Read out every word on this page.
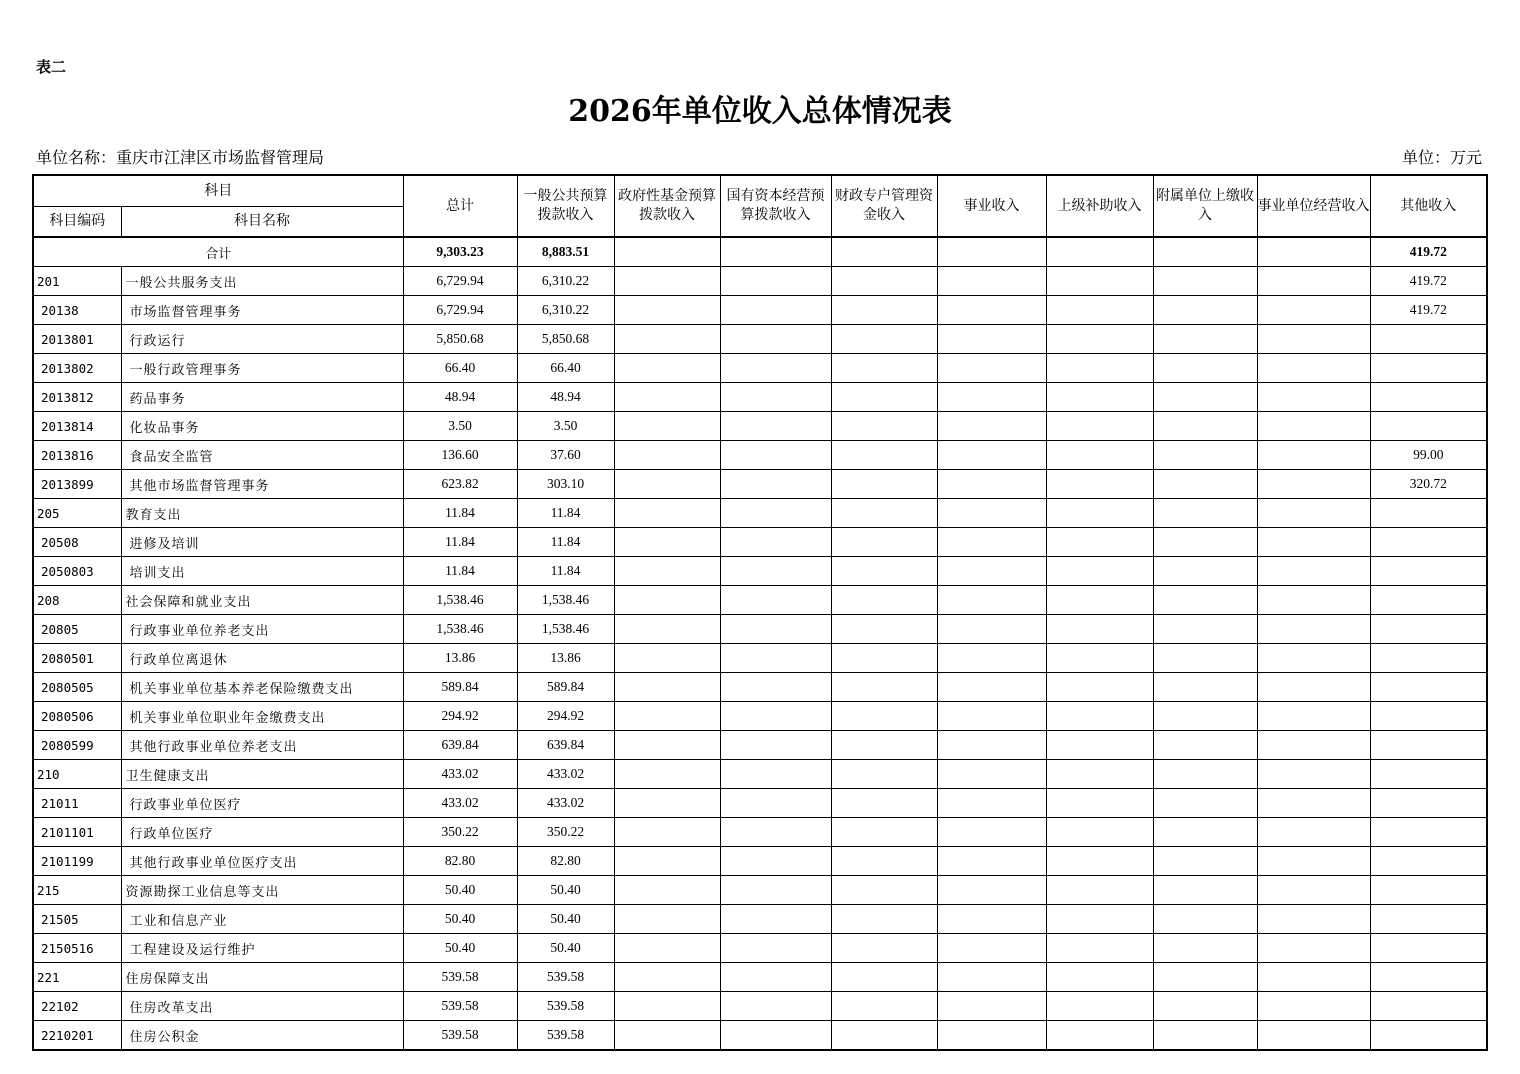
表二
2026年单位收入总体情况表
单位名称：重庆市江津区市场监督管理局	单位：万元
科目		总计	一般公共预算拨款收入	政府性基金预算拨款收入	国有资本经营预算拨款收入	财政专户管理资金收入	事业收入	上级补助收入	附属单位上缴收入	事业单位经营收入	其他收入
科目编码	科目名称										
合计		9,303.23	8,883.51								419.72
201	一般公共服务支出	6,729.94	6,310.22								419.72
20138	市场监督管理事务	6,729.94	6,310.22								419.72
2013801	行政运行	5,850.68	5,850.68								
2013802	一般行政管理事务	66.40	66.40								
2013812	药品事务	48.94	48.94								
2013814	化妆品事务	3.50	3.50								
2013816	食品安全监管	136.60	37.60								99.00
2013899	其他市场监督管理事务	623.82	303.10								320.72
205	教育支出	11.84	11.84								
20508	进修及培训	11.84	11.84								
2050803	培训支出	11.84	11.84								
208	社会保障和就业支出	1,538.46	1,538.46								
20805	行政事业单位养老支出	1,538.46	1,538.46								
2080501	行政单位离退休	13.86	13.86								
2080505	机关事业单位基本养老保险缴费支出	589.84	589.84								
2080506	机关事业单位职业年金缴费支出	294.92	294.92								
2080599	其他行政事业单位养老支出	639.84	639.84								
210	卫生健康支出	433.02	433.02								
21011	行政事业单位医疗	433.02	433.02								
2101101	行政单位医疗	350.22	350.22								
2101199	其他行政事业单位医疗支出	82.80	82.80								
215	资源勘探工业信息等支出	50.40	50.40								
21505	工业和信息产业	50.40	50.40								
2150516	工程建设及运行维护	50.40	50.40								
221	住房保障支出	539.58	539.58								
22102	住房改革支出	539.58	539.58								
2210201	住房公积金	539.58	539.58								
